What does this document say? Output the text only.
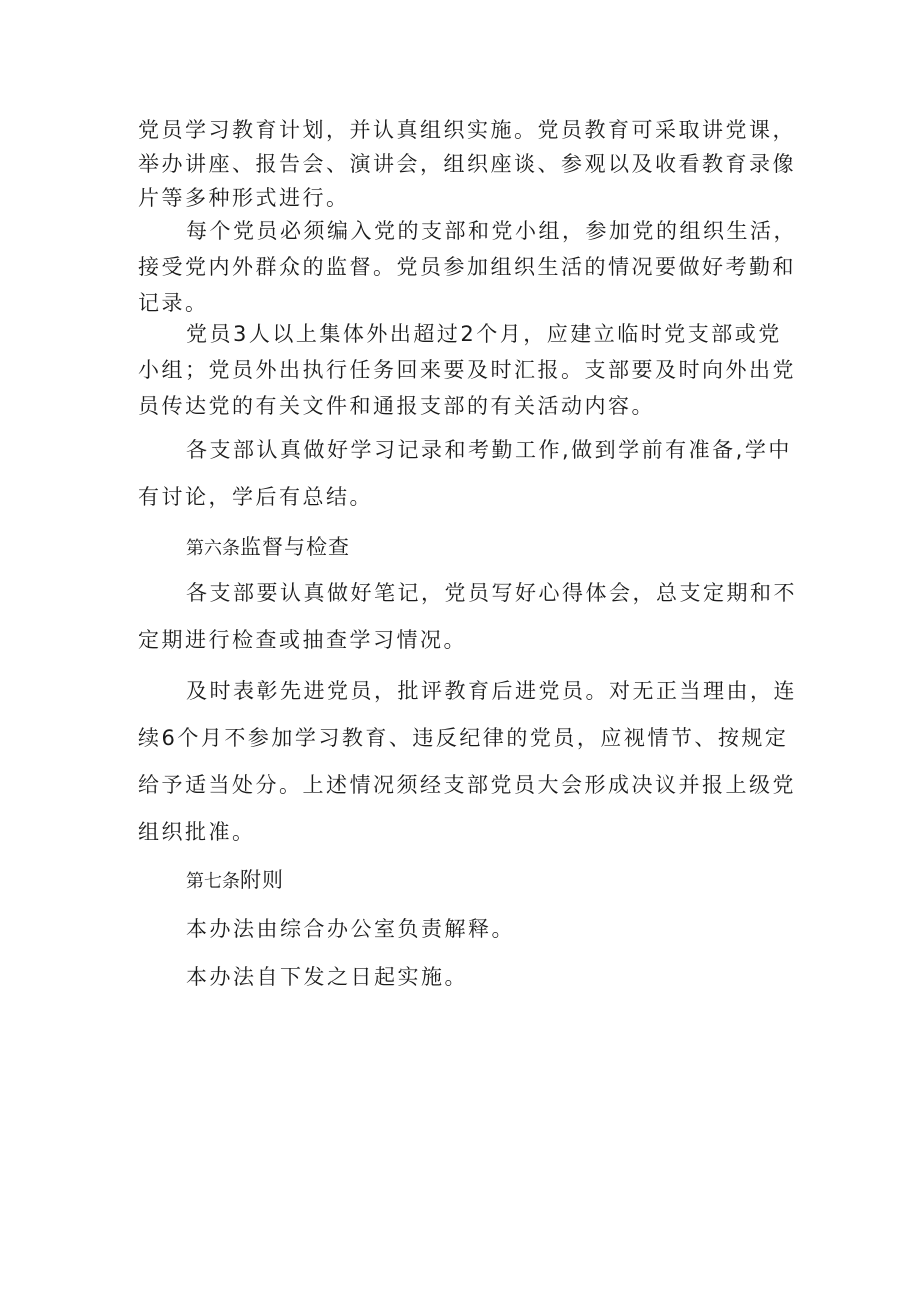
党员学习教育计划，并认真组织实施。党员教育可采取讲党课，
举办讲座、报告会、演讲会，组织座谈、参观以及收看教育录像
片等多种形式进行。
每个党员必须编入党的支部和党小组，参加党的组织生活，
接受党内外群众的监督。党员参加组织生活的情况要做好考勤和
记录。
党员3人以上集体外出超过2个月，应建立临时党支部或党
小组；党员外出执行任务回来要及时汇报。支部要及时向外出党
员传达党的有关文件和通报支部的有关活动内容。
各支部认真做好学习记录和考勤工作,做到学前有准备,学中
有讨论，学后有总结。
第六条监督与检查
各支部要认真做好笔记，党员写好心得体会，总支定期和不
定期进行检查或抽查学习情况。
及时表彰先进党员，批评教育后进党员。对无正当理由，连
续6个月不参加学习教育、违反纪律的党员，应视情节、按规定
给予适当处分。上述情况须经支部党员大会形成决议并报上级党
组织批准。
第七条附则
本办法由综合办公室负责解释。
本办法自下发之日起实施。
